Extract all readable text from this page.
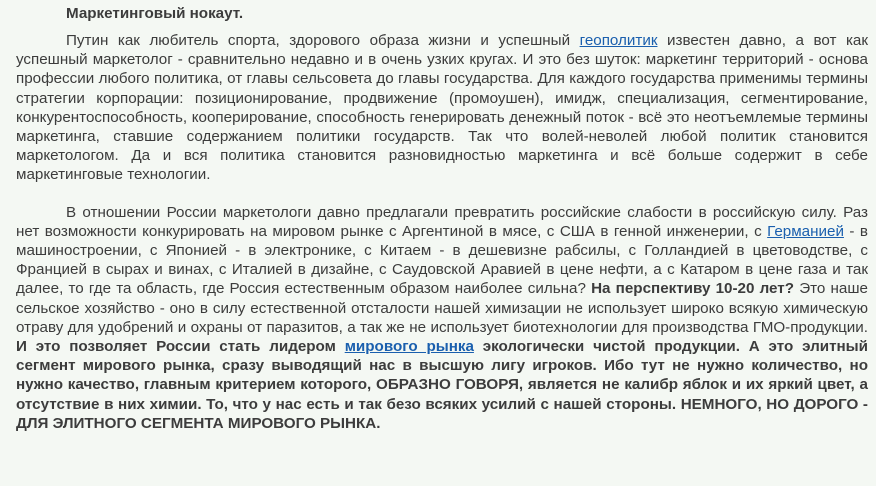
Маркетинговый нокаут.

Путин как любитель спорта, здорового образа жизни и успешный геополитик известен давно, а вот как успешный маркетолог - сравнительно недавно и в очень узких кругах. И это без шуток: маркетинг территорий - основа профессии любого политика, от главы сельсовета до главы государства. Для каждого государства применимы термины стратегии корпорации: позиционирование, продвижение (промоушен), имидж, специализация, сегментирование, конкурентоспособность, кооперирование, способность генерировать денежный поток - всё это неотъемлемые термины маркетинга, ставшие содержанием политики государств. Так что волей-неволей любой политик становится маркетологом. Да и вся политика становится разновидностью маркетинга и всё больше содержит в себе маркетинговые технологии.

В отношении России маркетологи давно предлагали превратить российские слабости в российскую силу. Раз нет возможности конкурировать на мировом рынке с Аргентиной в мясе, с США в генной инженерии, с Германией - в машиностроении, с Японией - в электронике, с Китаем - в дешевизне рабсилы, с Голландией в цветоводстве, с Францией в сырах и винах, с Италией в дизайне, с Саудовской Аравией в цене нефти, а с Катаром в цене газа и так далее, то где та область, где Россия естественным образом наиболее сильна? На перспективу 10-20 лет? Это наше сельское хозяйство - оно в силу естественной отсталости нашей химизации не использует широко всякую химическую отраву для удобрений и охраны от паразитов, а так же не использует биотехнологии для производства ГМО-продукции. И это позволяет России стать лидером мирового рынка экологически чистой продукции. А это элитный сегмент мирового рынка, сразу выводящий нас в высшую лигу игроков. Ибо тут не нужно количество, но нужно качество, главным критерием которого, ОБРАЗНО ГОВОРЯ, является не калибр яблок и их яркий цвет, а отсутствие в них химии. То, что у нас есть и так безо всяких усилий с нашей стороны. НЕМНОГО, НО ДОРОГО - ДЛЯ ЭЛИТНОГО СЕГМЕНТА МИРОВОГО РЫНКА.
